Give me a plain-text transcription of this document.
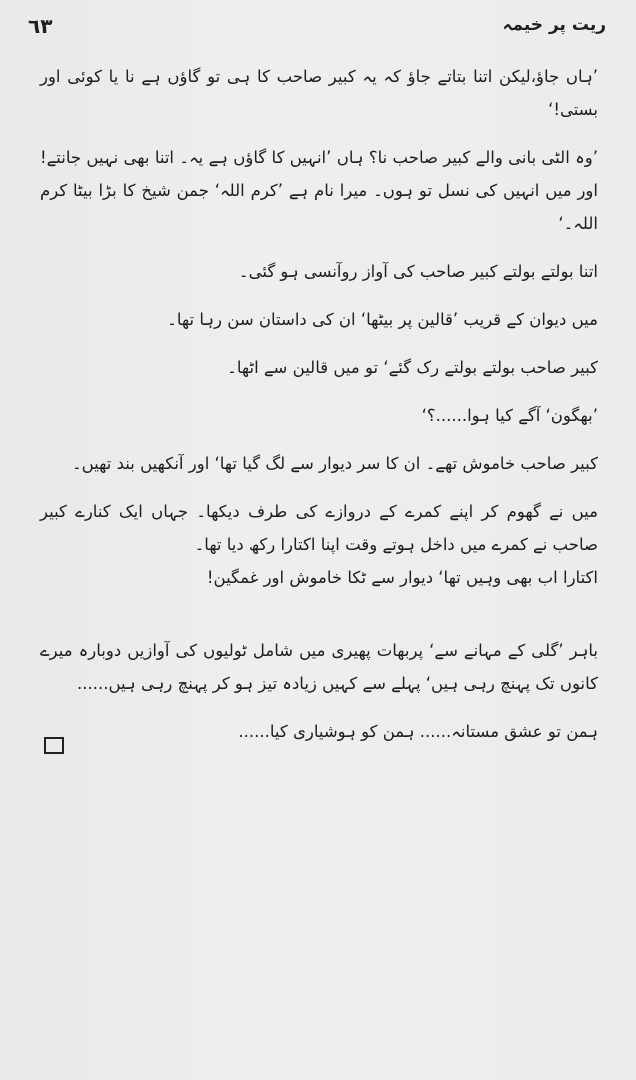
٦٣	ریت پر خیمہ

’ہاں جاؤ،لیکن اتنا بتاتے جاؤ کہ یہ کبیر صاحب کا ہی تو گاؤں ہے نا یا کوئی اور بستی!‘

’وہ الٹی بانی والے کبیر صاحب نا؟ ہاں ’انہیں کا گاؤں ہے یہ۔ اتنا بھی نہیں جانتے! اور میں انہیں کی نسل تو ہوں۔ میرا نام ہے ’کرم اللہ‘ جمن شیخ کا بڑا بیٹا کرم اللہ۔‘

اتنا بولتے بولتے کبیر صاحب کی آواز روآنسی ہو گئی۔

میں دیوان کے قریب ’قالین پر بیٹھا‘ ان کی داستان سن رہا تھا۔

کبیر صاحب بولتے بولتے رک گئے‘ تو میں قالین سے اٹھا۔

’بھگون‘ آگے کیا ہوا......؟‘

کبیر صاحب خاموش تھے۔ ان کا سر دیوار سے لگ گیا تھا‘ اور آنکھیں بند تھیں۔

میں نے گھوم کر اپنے کمرے کے دروازے کی طرف دیکھا۔ جہاں ایک کنارے کبیر صاحب نے کمرے میں داخل ہوتے وقت اپنا اکتارا رکھ دیا تھا۔

اکتارا اب بھی وہیں تھا‘ دیوار سے ٹکا خاموش اور غمگین!

باہر ’گلی کے مہانے سے‘ پربھات پھیری میں شامل ٹولیوں کی آوازیں دوبارہ میرے کانوں تک پہنچ رہی ہیں‘ پہلے سے کہیں زیادہ تیز ہو کر پہنچ رہی ہیں......

ہمن تو عشق مستانہ...... ہمن کو ہوشیاری کیا......
